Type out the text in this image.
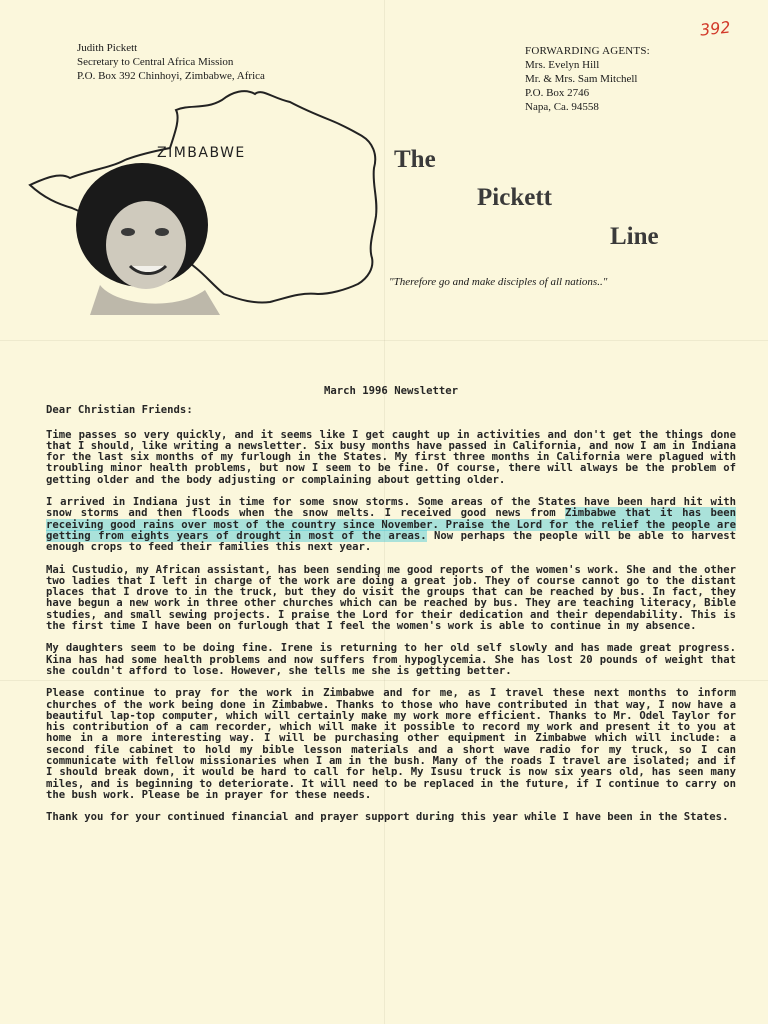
Judith Pickett
Secretary to Central Africa Mission
P.O. Box 392 Chinhoyi, Zimbabwe, Africa
392
FORWARDING AGENTS:
Mrs. Evelyn Hill
Mr. & Mrs. Sam Mitchell
P.O. Box 2746
Napa, Ca. 94558
ZIMBABWE	The
Pickett
Line
"Therefore go and make disciples of all nations.."
March 1996 Newsletter
Dear Christian Friends:

Time passes so very quickly, and it seems like I get caught up in activities and don't get the things done that I should, like writing a newsletter. Six busy months have passed in California, and now I am in Indiana for the last six months of my furlough in the States. My first three months in California were plagued with troubling minor health problems, but now I seem to be fine. Of course, there will always be the problem of getting older and the body adjusting or complaining about getting older.

I arrived in Indiana just in time for some snow storms. Some areas of the States have been hard hit with snow storms and then floods when the snow melts. I received good news from Zimbabwe that it has been receiving good rains over most of the country since November. Praise the Lord for the relief the people are getting from eights years of drought in most of the areas. Now perhaps the people will be able to harvest enough crops to feed their families this next year.

Mai Custudio, my African assistant, has been sending me good reports of the women's work. She and the other two ladies that I left in charge of the work are doing a great job. They of course cannot go to the distant places that I drove to in the truck, but they do visit the groups that can be reached by bus. In fact, they have begun a new work in three other churches which can be reached by bus. They are teaching literacy, Bible studies, and small sewing projects. I praise the Lord for their dedication and their dependability. This is the first time I have been on furlough that I feel the women's work is able to continue in my absence.

My daughters seem to be doing fine. Irene is returning to her old self slowly and has made great progress. Kina has had some health problems and now suffers from hypoglycemia. She has lost 20 pounds of weight that she couldn't afford to lose. However, she tells me she is getting better.

Please continue to pray for the work in Zimbabwe and for me, as I travel these next months to inform churches of the work being done in Zimbabwe. Thanks to those who have contributed in that way, I now have a beautiful lap-top computer, which will certainly make my work more efficient. Thanks to Mr. Odel Taylor for his contribution of a cam recorder, which will make it possible to record my work and present it to you at home in a more interesting way. I will be purchasing other equipment in Zimbabwe which will include: a second file cabinet to hold my bible lesson materials and a short wave radio for my truck, so I can communicate with fellow missionaries when I am in the bush. Many of the roads I travel are isolated; and if I should break down, it would be hard to call for help. My Isusu truck is now six years old, has seen many miles, and is beginning to deteriorate. It will need to be replaced in the future, if I continue to carry on the bush work. Please be in prayer for these needs.

Thank you for your continued financial and prayer support during this year while I have been in the States.
